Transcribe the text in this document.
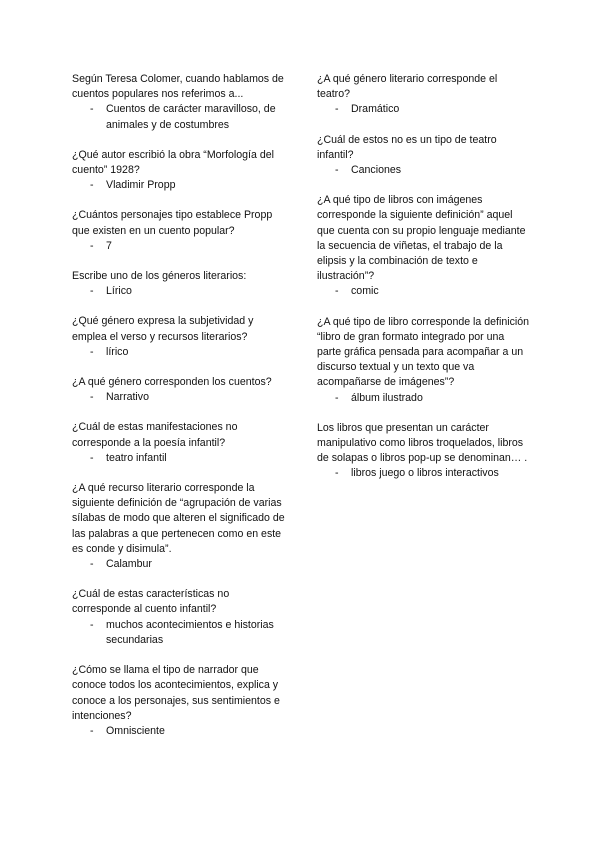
Según Teresa Colomer, cuando hablamos de cuentos populares nos referimos a...

-	Cuentos de carácter maravilloso, de animales y de costumbres

¿Qué autor escribió la obra “Morfología del cuento” 1928?

-	Vladimir Propp

¿Cuántos personajes tipo establece Propp que existen en un cuento popular?

-	7

Escribe uno de los géneros literarios:

-	Lírico

¿Qué género expresa la subjetividad y emplea el verso y recursos literarios?

-	lírico

¿A qué género corresponden los cuentos?

-	Narrativo

¿Cuál de estas manifestaciones no corresponde a la poesía infantil?

-	teatro infantil

¿A qué recurso literario corresponde la siguiente definición de “agrupación de varias sílabas de modo que alteren el significado de las palabras a que pertenecen como en este es conde y disimula”.

-	Calambur

¿Cuál de estas características no corresponde al cuento infantil?

-	muchos acontecimientos e historias secundarias

¿Cómo se llama el tipo de narrador que conoce todos los acontecimientos, explica y conoce a los personajes, sus sentimientos e intenciones?

-	Omnisciente

¿A qué género literario corresponde el teatro?

-	Dramático

¿Cuál de estos no es un tipo de teatro infantil?

-	Canciones

¿A qué tipo de libros con imágenes corresponde la siguiente definición” aquel que cuenta con su propio lenguaje mediante la secuencia de viñetas, el trabajo de la elipsis y la combinación de texto e ilustración”?

-	comic

¿A qué tipo de libro corresponde la definición “libro de gran formato integrado por una parte gráfica pensada para acompañar a un discurso textual y un texto que va acompañarse de imágenes”?

-	álbum ilustrado

Los libros que presentan un carácter manipulativo como libros troquelados, libros de solapas o libros pop-up se denominan… .

-	libros juego o libros interactivos
